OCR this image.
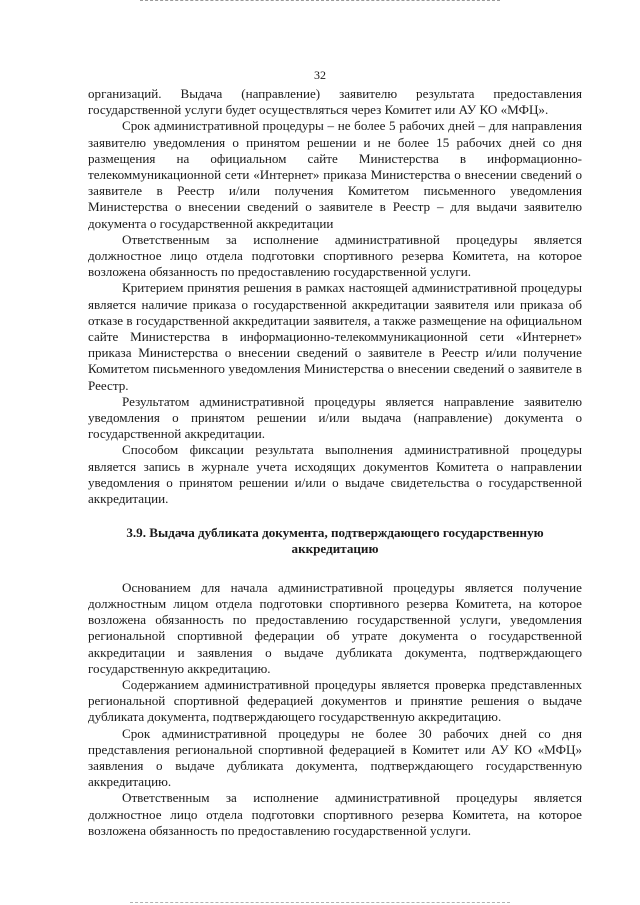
32

организаций. Выдача (направление) заявителю результата предоставления государственной услуги будет осуществляться через Комитет или АУ КО «МФЦ».

Срок административной процедуры – не более 5 рабочих дней – для направления заявителю уведомления о принятом решении и не более 15 рабочих дней со дня размещения на официальном сайте Министерства в информационно-телекоммуникационной сети «Интернет» приказа Министерства о внесении сведений о заявителе в Реестр и/или получения Комитетом письменного уведомления Министерства о внесении сведений о заявителе в Реестр – для выдачи заявителю документа о государственной аккредитации

Ответственным за исполнение административной процедуры является должностное лицо отдела подготовки спортивного резерва Комитета, на которое возложена обязанность по предоставлению государственной услуги.

Критерием принятия решения в рамках настоящей административной процедуры является наличие приказа о государственной аккредитации заявителя или приказа об отказе в государственной аккредитации заявителя, а также размещение на официальном сайте Министерства в информационно-телекоммуникационной сети «Интернет» приказа Министерства о внесении сведений о заявителе в Реестр и/или получение Комитетом письменного уведомления Министерства о внесении сведений о заявителе в Реестр.

Результатом административной процедуры является направление заявителю уведомления о принятом решении и/или выдача (направление) документа о государственной аккредитации.

Способом фиксации результата выполнения административной процедуры является запись в журнале учета исходящих документов Комитета о направлении уведомления о принятом решении и/или о выдаче свидетельства о государственной аккредитации.

3.9. Выдача дубликата документа, подтверждающего государственную
аккредитацию

Основанием для начала административной процедуры является получение должностным лицом отдела подготовки спортивного резерва Комитета, на которое возложена обязанность по предоставлению государственной услуги, уведомления региональной спортивной федерации об утрате документа о государственной аккредитации и заявления о выдаче дубликата документа, подтверждающего государственную аккредитацию.

Содержанием административной процедуры является проверка представленных региональной спортивной федерацией документов и принятие решения о выдаче дубликата документа, подтверждающего государственную аккредитацию.

Срок административной процедуры не более 30 рабочих дней со дня представления региональной спортивной федерацией в Комитет или АУ КО «МФЦ» заявления о выдаче дубликата документа, подтверждающего государственную аккредитацию.

Ответственным за исполнение административной процедуры является должностное лицо отдела подготовки спортивного резерва Комитета, на которое возложена обязанность по предоставлению государственной услуги.
